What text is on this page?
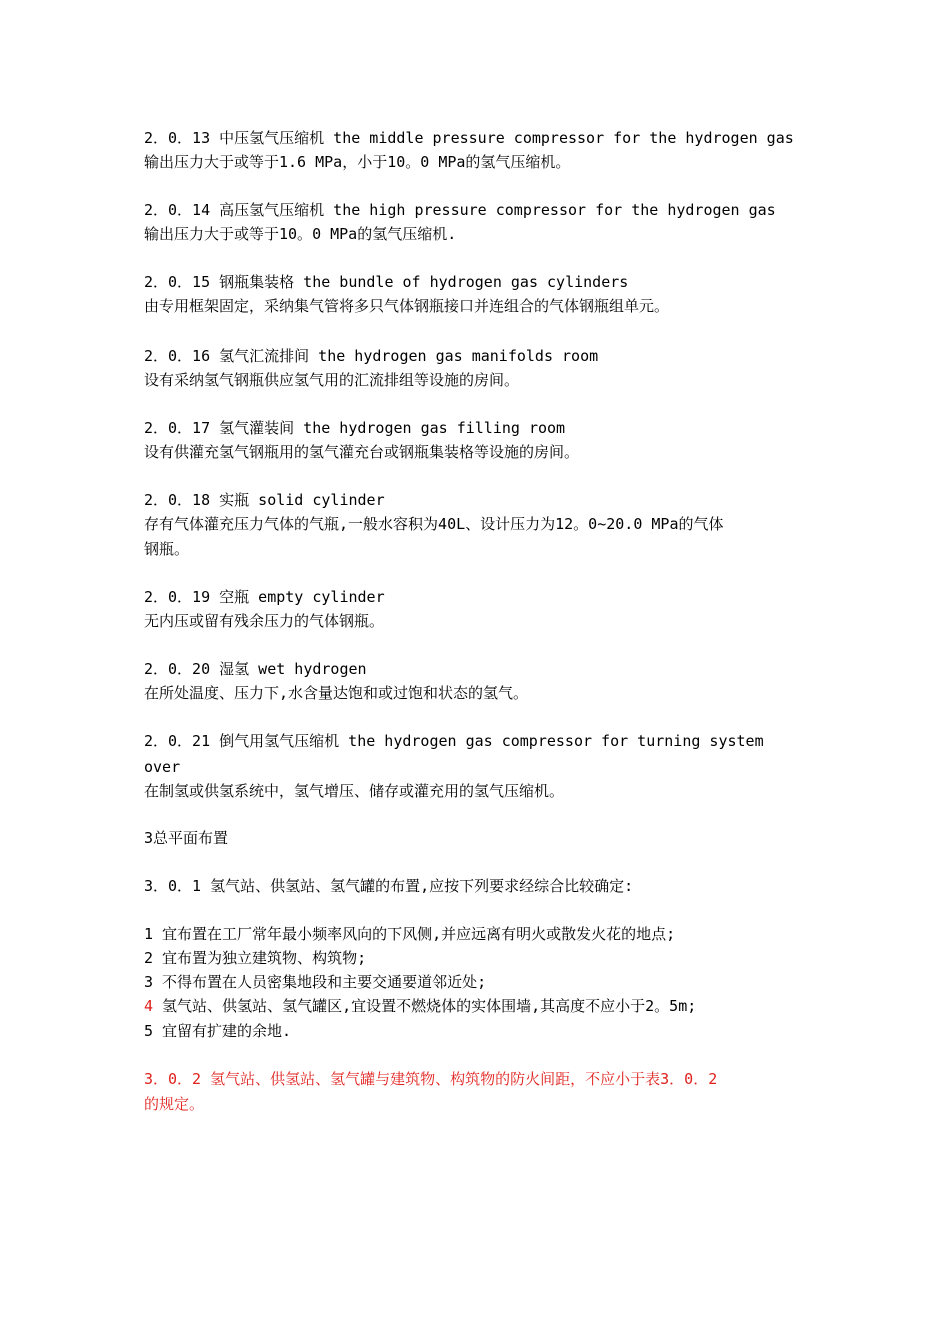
2．0．13 中压氢气压缩机 the middle pressure compressor for the hydrogen gas

输出压力大于或等于1.6 MPa，小于10。0 MPa的氢气压缩机。

2．0．14 高压氢气压缩机 the high pressure compressor for the hydrogen gas

输出压力大于或等于10。0 MPa的氢气压缩机.

2．0．15 钢瓶集装格 the bundle of hydrogen gas cylinders

由专用框架固定，采纳集气管将多只气体钢瓶接口并连组合的气体钢瓶组单元。

2．0．16 氢气汇流排间 the hydrogen gas manifolds room

设有采纳氢气钢瓶供应氢气用的汇流排组等设施的房间。

2．0．17 氢气灌装间 the hydrogen gas filling room

设有供灌充氢气钢瓶用的氢气灌充台或钢瓶集装格等设施的房间。

2．0．18 实瓶 solid cylinder

存有气体灌充压力气体的气瓶,一般水容积为40L、设计压力为12。0~20.0 MPa的气体

钢瓶。

2．0．19 空瓶 empty cylinder

无内压或留有残余压力的气体钢瓶。

2．0．20 湿氢 wet hydrogen

在所处温度、压力下,水含量达饱和或过饱和状态的氢气。

2．0．21 倒气用氢气压缩机 the hydrogen gas compressor for turning system

over

在制氢或供氢系统中，氢气增压、储存或灌充用的氢气压缩机。

3总平面布置

3．0．1 氢气站、供氢站、氢气罐的布置,应按下列要求经综合比较确定:

1 宜布置在工厂常年最小频率风向的下风侧,并应远离有明火或散发火花的地点;

2 宜布置为独立建筑物、构筑物;

3 不得布置在人员密集地段和主要交通要道邻近处;

4 氢气站、供氢站、氢气罐区,宜设置不燃烧体的实体围墙,其高度不应小于2。5m;

5 宜留有扩建的余地.

3．0．2 氢气站、供氢站、氢气罐与建筑物、构筑物的防火间距，不应小于表3．0．2

的规定。
